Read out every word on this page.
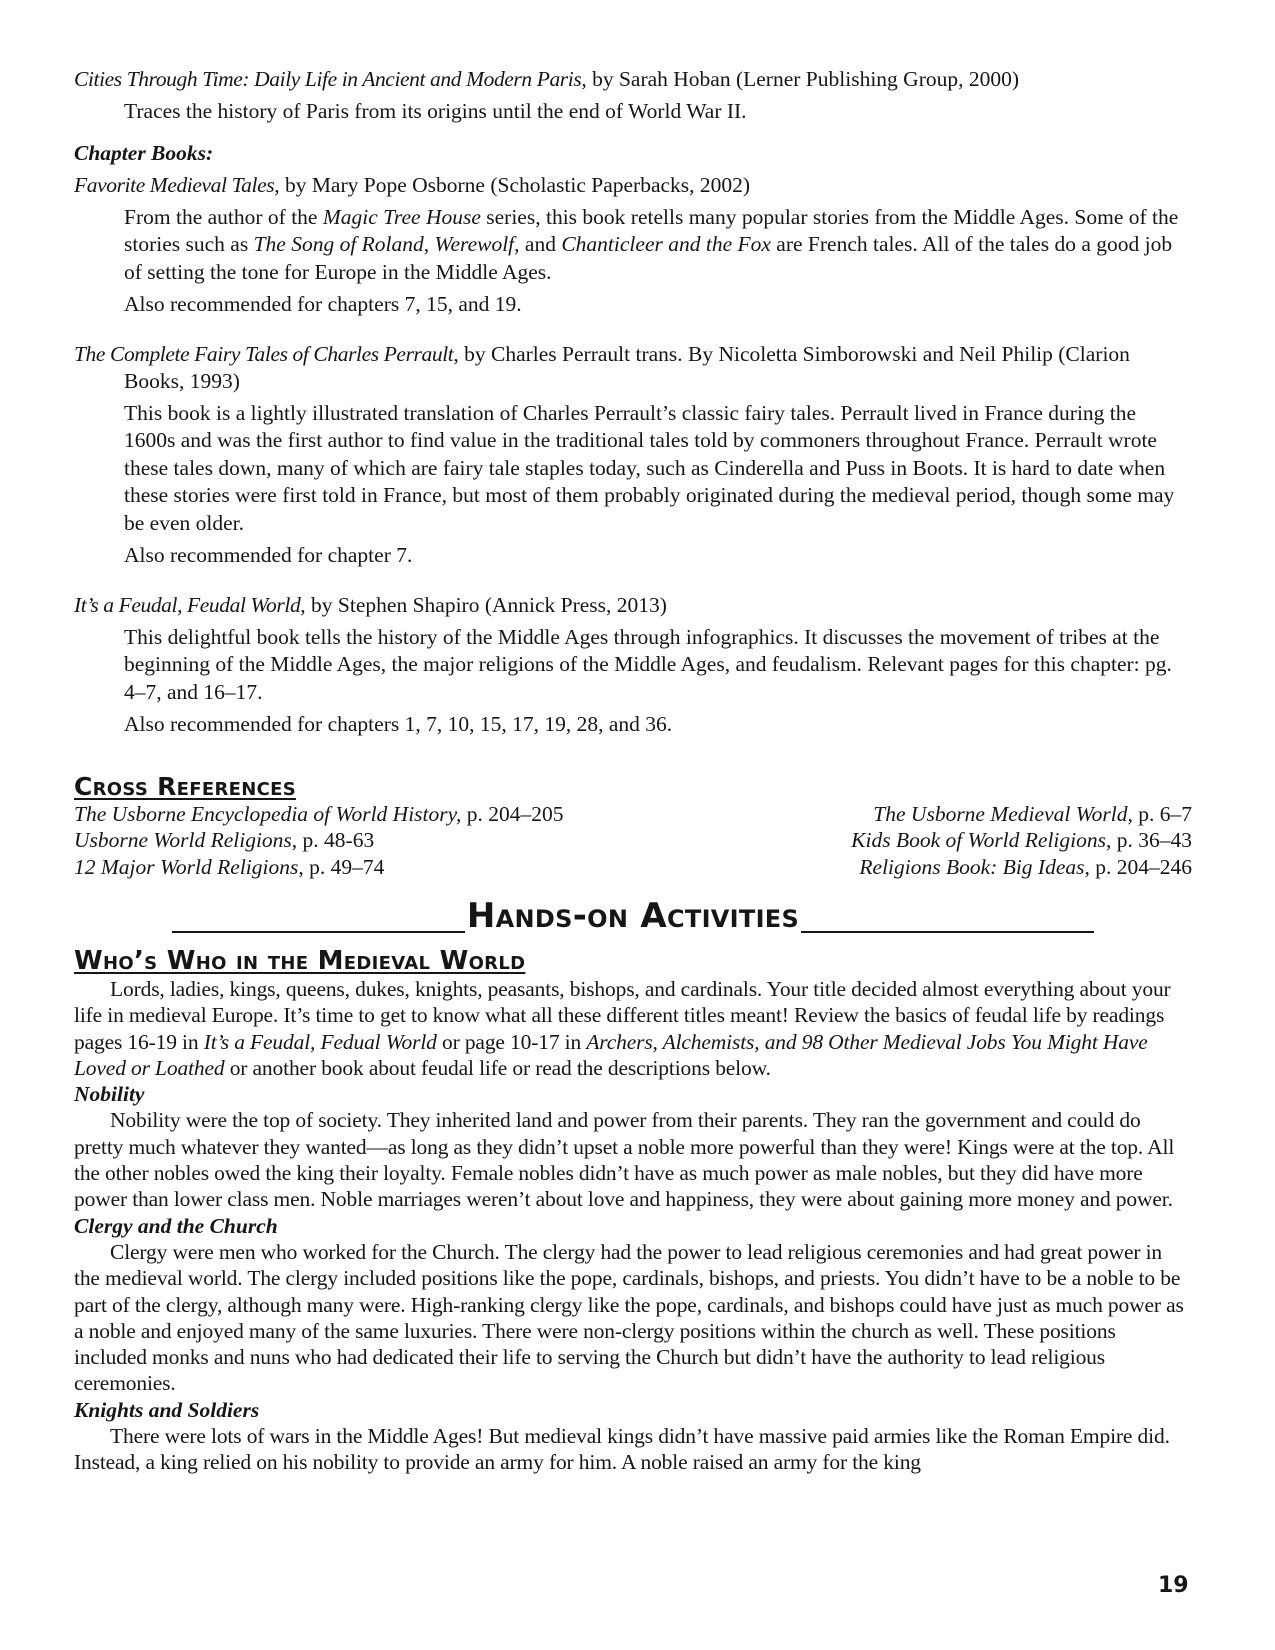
Cities Through Time: Daily Life in Ancient and Modern Paris, by Sarah Hoban (Lerner Publishing Group, 2000)

Traces the history of Paris from its origins until the end of World War II.

Chapter Books:

Favorite Medieval Tales, by Mary Pope Osborne (Scholastic Paperbacks, 2002)

From the author of the Magic Tree House series, this book retells many popular stories from the Middle Ages. Some of the stories such as The Song of Roland, Werewolf, and Chanticleer and the Fox are French tales. All of the tales do a good job of setting the tone for Europe in the Middle Ages.

Also recommended for chapters 7, 15, and 19.

The Complete Fairy Tales of Charles Perrault, by Charles Perrault trans. By Nicoletta Simborowski and Neil Philip (Clarion Books, 1993)

This book is a lightly illustrated translation of Charles Perrault’s classic fairy tales. Perrault lived in France during the 1600s and was the first author to find value in the traditional tales told by commoners throughout France. Perrault wrote these tales down, many of which are fairy tale staples today, such as Cinderella and Puss in Boots. It is hard to date when these stories were first told in France, but most of them probably originated during the medieval period, though some may be even older.

Also recommended for chapter 7.

It’s a Feudal, Feudal World, by Stephen Shapiro (Annick Press, 2013)

This delightful book tells the history of the Middle Ages through infographics. It discusses the movement of tribes at the beginning of the Middle Ages, the major religions of the Middle Ages, and feudalism. Relevant pages for this chapter: pg. 4–7, and 16–17.

Also recommended for chapters 1, 7, 10, 15, 17, 19, 28, and 36.

Cross References

The Usborne Encyclopedia of World History, p. 204–205
Usborne World Religions, p. 48-63
12 Major World Religions, p. 49–74
The Usborne Medieval World, p. 6–7
Kids Book of World Religions, p. 36–43
Religions Book: Big Ideas, p. 204–246
Hands-on Activities

Who’s Who in the Medieval World

Lords, ladies, kings, queens, dukes, knights, peasants, bishops, and cardinals. Your title decided almost everything about your life in medieval Europe. It’s time to get to know what all these different titles meant! Review the basics of feudal life by readings pages 16-19 in It’s a Feudal, Fedual World or page 10-17 in Archers, Alchemists, and 98 Other Medieval Jobs You Might Have Loved or Loathed or another book about feudal life or read the descriptions below.

Nobility

Nobility were the top of society. They inherited land and power from their parents. They ran the government and could do pretty much whatever they wanted—as long as they didn’t upset a noble more powerful than they were! Kings were at the top. All the other nobles owed the king their loyalty. Female nobles didn’t have as much power as male nobles, but they did have more power than lower class men. Noble marriages weren’t about love and happiness, they were about gaining more money and power.

Clergy and the Church

Clergy were men who worked for the Church. The clergy had the power to lead religious ceremonies and had great power in the medieval world. The clergy included positions like the pope, cardinals, bishops, and priests. You didn’t have to be a noble to be part of the clergy, although many were. High-ranking clergy like the pope, cardinals, and bishops could have just as much power as a noble and enjoyed many of the same luxuries. There were non-clergy positions within the church as well. These positions included monks and nuns who had dedicated their life to serving the Church but didn’t have the authority to lead religious ceremonies.

Knights and Soldiers

There were lots of wars in the Middle Ages! But medieval kings didn’t have massive paid armies like the Roman Empire did. Instead, a king relied on his nobility to provide an army for him. A noble raised an army for the king

19
